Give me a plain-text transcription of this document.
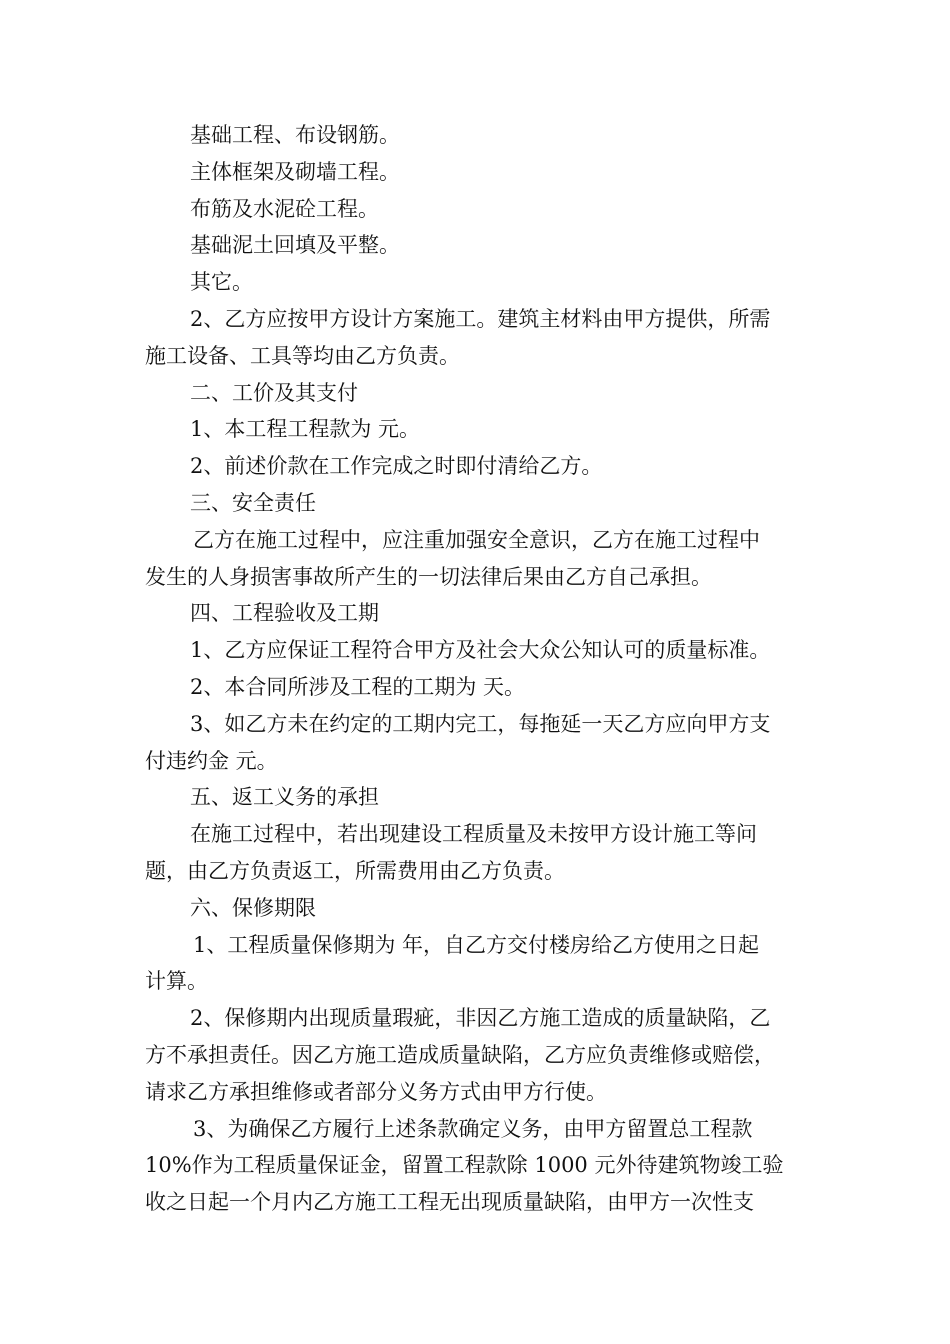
基础工程、布设钢筋。
主体框架及砌墙工程。
布筋及水泥砼工程。
基础泥土回填及平整。
其它。
2、乙方应按甲方设计方案施工。建筑主材料由甲方提供，所需
施工设备、工具等均由乙方负责。
二、工价及其支付
1、本工程工程款为 元。
2、前述价款在工作完成之时即付清给乙方。
三、安全责任
乙方在施工过程中，应注重加强安全意识，乙方在施工过程中
发生的人身损害事故所产生的一切法律后果由乙方自己承担。
四、工程验收及工期
1、乙方应保证工程符合甲方及社会大众公知认可的质量标准。
2、本合同所涉及工程的工期为 天。
3、如乙方未在约定的工期内完工，每拖延一天乙方应向甲方支
付违约金 元。
五、返工义务的承担
在施工过程中，若出现建设工程质量及未按甲方设计施工等问
题，由乙方负责返工，所需费用由乙方负责。
六、保修期限
1、工程质量保修期为 年，自乙方交付楼房给乙方使用之日起
计算。
2、保修期内出现质量瑕疵，非因乙方施工造成的质量缺陷，乙
方不承担责任。因乙方施工造成质量缺陷，乙方应负责维修或赔偿，
请求乙方承担维修或者部分义务方式由甲方行使。
3、为确保乙方履行上述条款确定义务，由甲方留置总工程款
10%作为工程质量保证金，留置工程款除 1000 元外待建筑物竣工验
收之日起一个月内乙方施工工程无出现质量缺陷，由甲方一次性支
